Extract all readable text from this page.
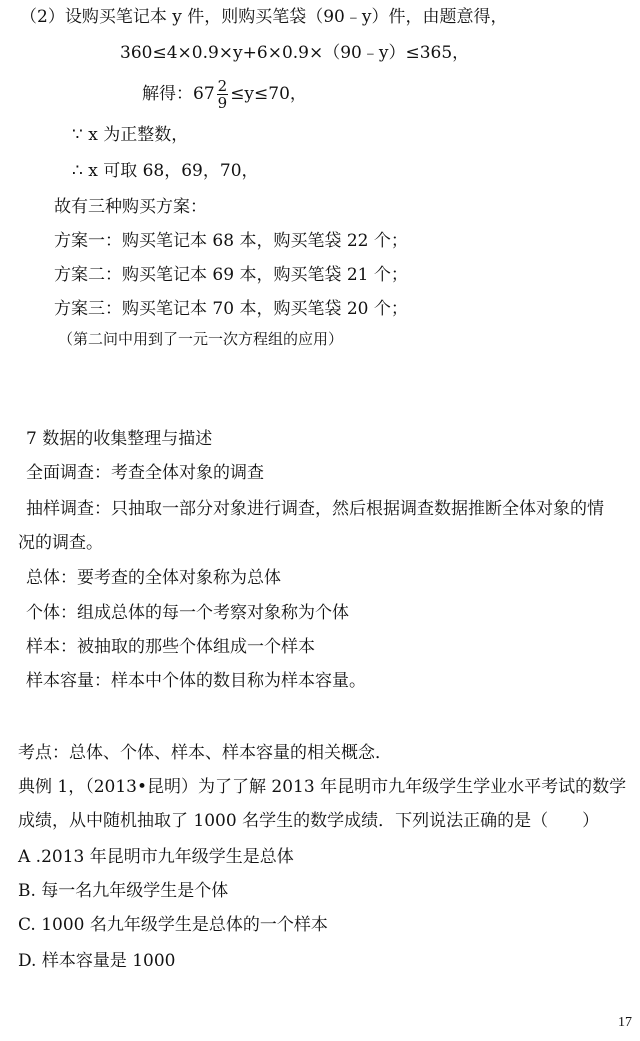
（2）设购买笔记本 y 件，则购买笔袋（90﹣y）件，由题意得，
360≤4×0.9×y+6×0.9×（90﹣y）≤365，
解得：$67 \frac{2}{9} \le y\le 70$，
∵ x 为正整数，
∴ x 可取 68，69，70，
故有三种购买方案：
方案一：购买笔记本 68 本，购买笔袋 22 个；
方案二：购买笔记本 69 本，购买笔袋 21 个；
方案三：购买笔记本 70 本，购买笔袋 20 个；
（第二问中用到了一元一次方程组的应用）
7 数据的收集整理与描述
全面调查：考查全体对象的调查
抽样调查：只抽取一部分对象进行调查，然后根据调查数据推断全体对象的情
况的调查。
总体：要考查的全体对象称为总体
个体：组成总体的每一个考察对象称为个体
样本：被抽取的那些个体组成一个样本
样本容量：样本中个体的数目称为样本容量。
考点：总体、个体、样本、样本容量的相关概念．
典例 1，（2013•昆明）为了了解 2013 年昆明市九年级学生学业水平考试的数学
成绩，从中随机抽取了 1000 名学生的数学成绩．下列说法正确的是（　　）
A .2013 年昆明市九年级学生是总体
B. 每一名九年级学生是个体
C. 1000 名九年级学生是总体的一个样本
D. 样本容量是 1000
17
